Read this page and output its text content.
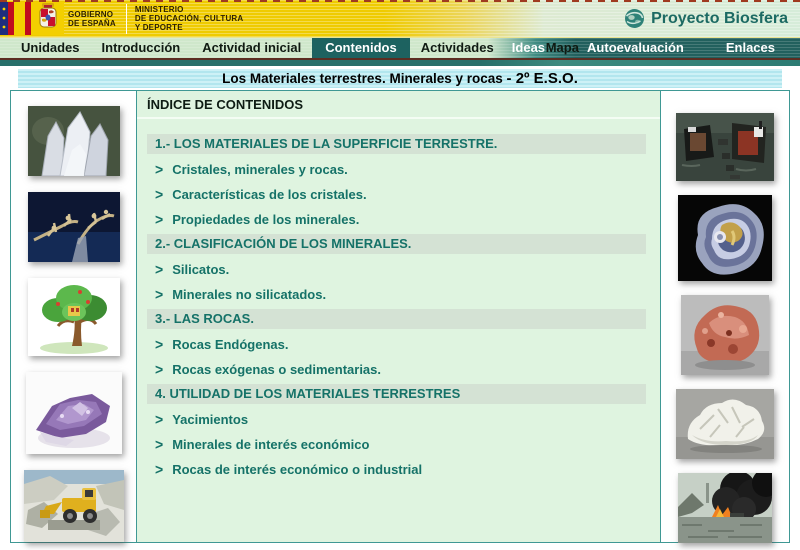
GOBIERNO
DE ESPAÑA
MINISTERIO
DE EDUCACIÓN, CULTURA
Y DEPORTE
Proyecto Biosfera
Unidades	Introducción	Actividad inicial	Contenidos	Actividades	Mapa
Ideas	Autoevaluación	Enlaces
Los Materiales terrestres. Minerales y rocas - 2º E.S.O.
ÍNDICE DE CONTENIDOS
1.- LOS MATERIALES DE LA SUPERFICIE TERRESTRE.
> Cristales, minerales y rocas.
> Características de los cristales.
> Propiedades de los minerales.
2.- CLASIFICACIÓN DE LOS MINERALES.
> Silicatos.
> Minerales no silicatados.
3.- LAS ROCAS.
> Rocas Endógenas.
> Rocas exógenas o sedimentarias.
4. UTILIDAD DE LOS MATERIALES TERRESTRES
> Yacimientos
> Minerales de interés económico
> Rocas de interés económico o industrial
